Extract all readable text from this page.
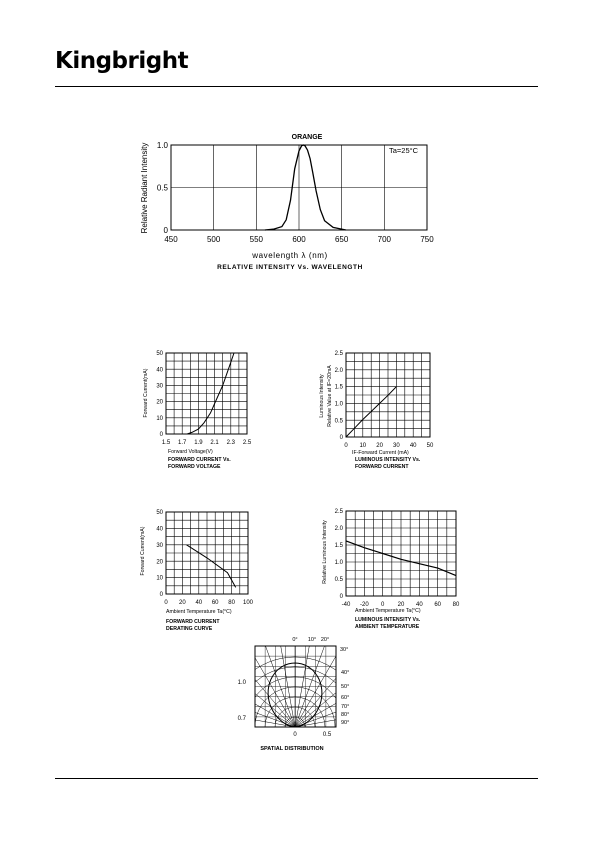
Kingbright
450	500	550	600	650	700	750
0
0.5
1.0
ORANGE
Ta=25°C
wavelength λ (nm)
Relative Radiant Intensity
RELATIVE INTENSITY Vs. WAVELENGTH
1.5 1.7 1.9 2.1 2.3 2.5
0
10
20
30
40
50
Forward Voltage(V)
Forward Current(mA)
FORWARD CURRENT Vs.
FORWARD VOLTAGE
0 10 20 30 40 50
0
0.5
1.0
1.5
2.0
2.5
IF-Forward Current (mA)
Luminous Intensity Relative Value at IF=20mA
LUMINOUS INTENSITY Vs.
FORWARD CURRENT
0 20 40 60 80 100
0
10
20
30
40
50
Ambient Temperature Ta(°C)
Forward Current(mA)
FORWARD CURRENT
DERATING CURVE
-40 -20 0 20 40 60 80
0
0.5
1.0
1.5
2.0
2.5
Ambient Temperature Ta(°C)
Relative Luminous Intensity
LUMINOUS INTENSITY Vs.
AMBIENT TEMPERATURE
0° 10° 20°
30°
40°
50°
60°
70°
80°
90°
1.0
0.7
0	0.5
SPATIAL DISTRIBUTION
